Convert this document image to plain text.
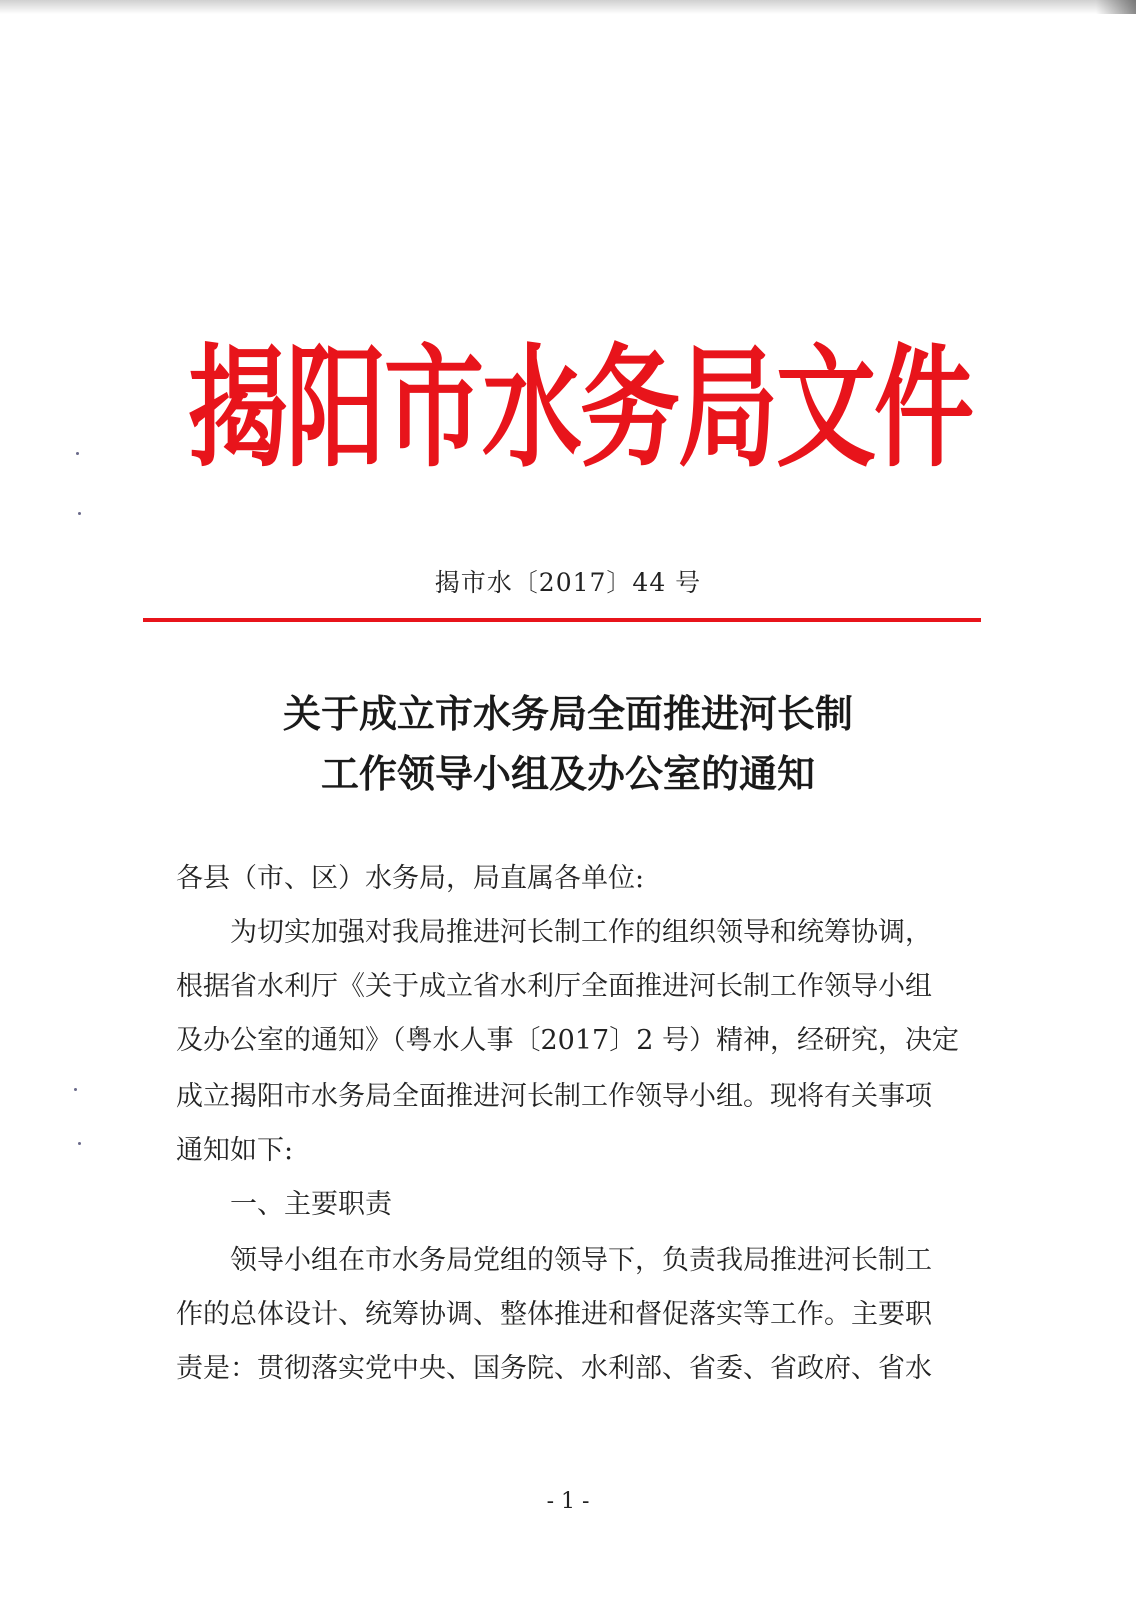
揭阳市水务局文件
揭市水〔2017〕44 号
关于成立市水务局全面推进河长制
工作领导小组及办公室的通知
各县（市、区）水务局，局直属各单位:
　　为切实加强对我局推进河长制工作的组织领导和统筹协调，
根据省水利厅《关于成立省水利厅全面推进河长制工作领导小组
及办公室的通知》（粤水人事〔2017〕2 号）精神，经研究，决定
成立揭阳市水务局全面推进河长制工作领导小组。现将有关事项
通知如下:
　　一、主要职责
　　领导小组在市水务局党组的领导下，负责我局推进河长制工
作的总体设计、统筹协调、整体推进和督促落实等工作。主要职
责是：贯彻落实党中央、国务院、水利部、省委、省政府、省水
- 1 -
